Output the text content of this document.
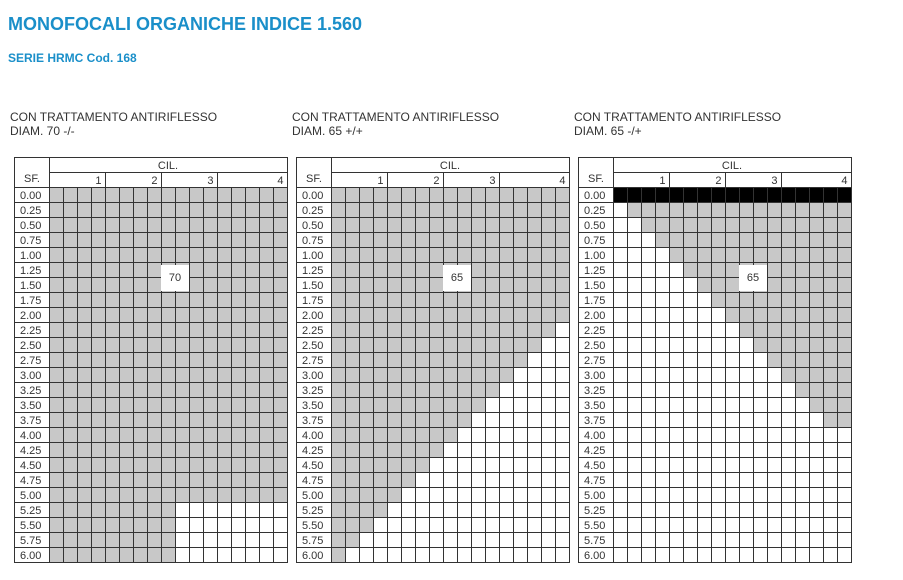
MONOFOCALI ORGANICHE INDICE 1.560
SERIE HRMC Cod. 168
CON TRATTAMENTO ANTIRIFLESSO
DIAM. 70 -/-
CON TRATTAMENTO ANTIRIFLESSO
DIAM. 65 +/+
CON TRATTAMENTO ANTIRIFLESSO
DIAM. 65 -/+
0.00
0.25
0.50
0.75
1.00
1.25
1.50
1.75
2.00
2.25
2.50
2.75
3.00
3.25
3.50
3.75
4.00
4.25
4.50
4.75
5.00
5.25
5.50
5.75
6.00
SF.
CIL.
1	2	3	4
70
0.00
0.25
0.50
0.75
1.00
1.25
1.50
1.75
2.00
2.25
2.50
2.75
3.00
3.25
3.50
3.75
4.00
4.25
4.50
4.75
5.00
5.25
5.50
5.75
6.00
SF.
CIL.
1	2	3	4
65
0.00
0.25
0.50
0.75
1.00
1.25
1.50
1.75
2.00
2.25
2.50
2.75
3.00
3.25
3.50
3.75
4.00
4.25
4.50
4.75
5.00
5.25
5.50
5.75
6.00
SF.
CIL.
1	2	3	4
65
